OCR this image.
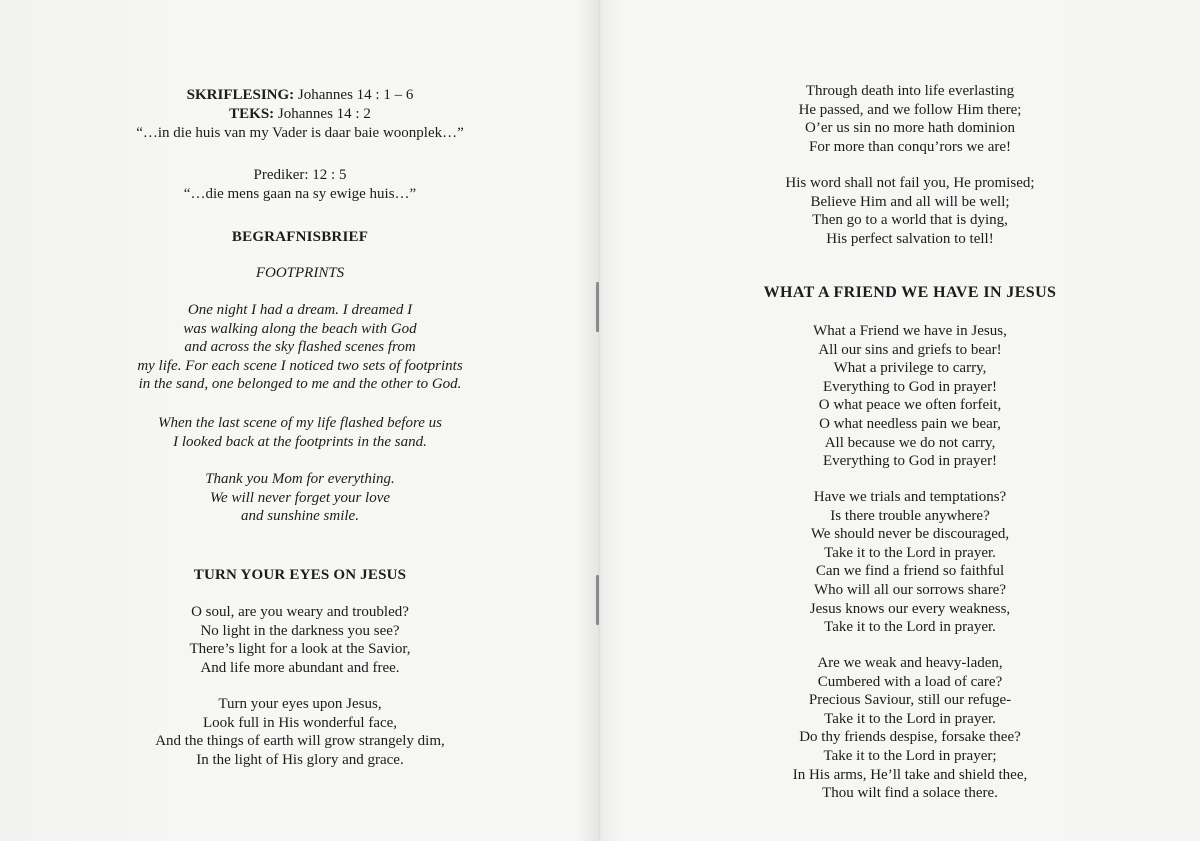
SKRIFLESING: Johannes 14 : 1 – 6
TEKS: Johannes 14 : 2
“…in die huis van my Vader is daar baie woonplek…”
Prediker: 12 : 5
“…die mens gaan na sy ewige huis…”
BEGRAFNISBRIEF
FOOTPRINTS

One night I had a dream. I dreamed I

was walking along the beach with God

and across the sky flashed scenes from

my life. For each scene I noticed two sets of footprints

in the sand, one belonged to me and the other to God.

When the last scene of my life flashed before us

I looked back at the footprints in the sand.

Thank you Mom for everything.

We will never forget your love

and sunshine smile.

TURN YOUR EYES ON JESUS

O soul, are you weary and troubled?

No light in the darkness you see?

There’s light for a look at the Savior,

And life more abundant and free.

Turn your eyes upon Jesus,

Look full in His wonderful face,

And the things of earth will grow strangely dim,

In the light of His glory and grace.

Through death into life everlasting

He passed, and we follow Him there;

O’er us sin no more hath dominion

For more than conqu’rors we are!

His word shall not fail you, He promised;

Believe Him and all will be well;

Then go to a world that is dying,

His perfect salvation to tell!

WHAT A FRIEND WE HAVE IN JESUS

What a Friend we have in Jesus,

All our sins and griefs to bear!

What a privilege to carry,

Everything to God in prayer!

O what peace we often forfeit,

O what needless pain we bear,

All because we do not carry,

Everything to God in prayer!

Have we trials and temptations?

Is there trouble anywhere?

We should never be discouraged,

Take it to the Lord in prayer.

Can we find a friend so faithful

Who will all our sorrows share?

Jesus knows our every weakness,

Take it to the Lord in prayer.

Are we weak and heavy-laden,

Cumbered with a load of care?

Precious Saviour, still our refuge-

Take it to the Lord in prayer.

Do thy friends despise, forsake thee?

Take it to the Lord in prayer;

In His arms, He’ll take and shield thee,

Thou wilt find a solace there.
